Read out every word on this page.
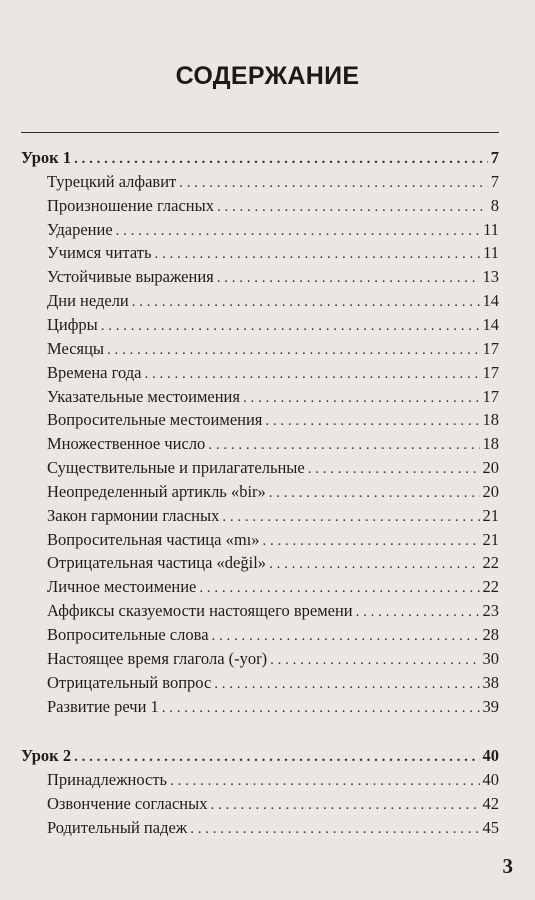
СОДЕРЖАНИЕ
Урок 1 . . .	7
Турецкий алфавит . . .	7
Произношение гласных . . .	8
Ударение . . .	11
Учимся читать . . .	11
Устойчивые выражения . . .	13
Дни недели . . .	14
Цифры . . .	14
Месяцы . . .	17
Времена года . . .	17
Указательные местоимения . . .	17
Вопросительные местоимения . . .	18
Множественное число . . .	18
Существительные и прилагательные . . .	20
Неопределенный артикль «bir» . . .	20
Закон гармонии гласных . . .	21
Вопросительная частица «mı» . . .	21
Отрицательная частица «değil» . . .	22
Личное местоимение . . .	22
Аффиксы сказуемости настоящего времени . . .	23
Вопросительные слова . . .	28
Настоящее время глагола (-yor) . . .	30
Отрицательный вопрос . . .	38
Развитие речи 1 . . .	39
Урок 2 . . .	40
Принадлежность . . .	40
Озвончение согласных . . .	42
Родительный падеж . . .	45
3
